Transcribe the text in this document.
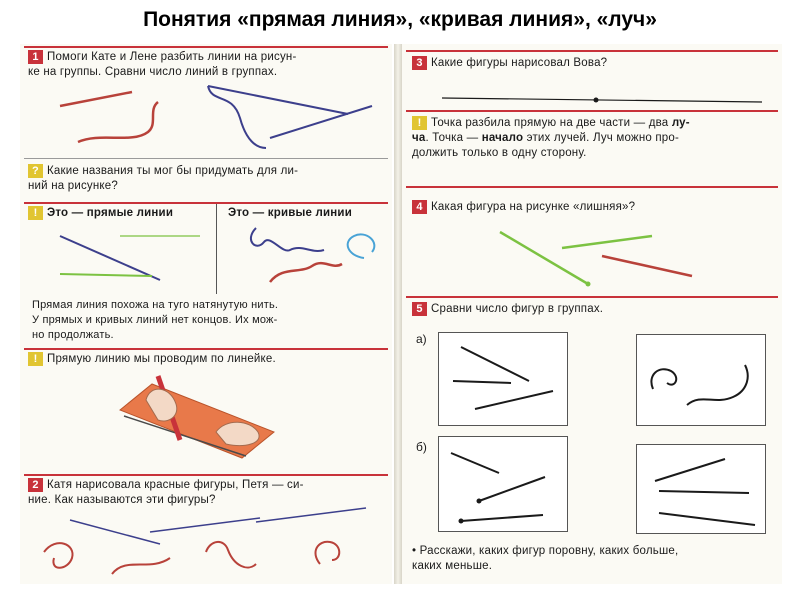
Понятия «прямая линия», «кривая линия», «луч»
1 Помоги Кате и Лене разбить линии на рисун-
ке на группы. Сравни число линий в группах.
? Какие названия ты мог бы придумать для ли-
ний на рисунке?
! Это — прямые линии	Это — кривые линии
Прямая линия похожа на туго натянутую нить.
У прямых и кривых линий нет концов. Их мож-
но продолжать.
! Прямую линию мы проводим по линейке.
2 Катя нарисовала красные фигуры, Петя — си-
ние. Как называются эти фигуры?
3 Какие фигуры нарисовал Вова?
! Точка разбила прямую на две части — два лу-
ча. Точка — начало этих лучей. Луч можно про-
должить только в одну сторону.
4 Какая фигура на рисунке «лишняя»?
5 Сравни число фигур в группах.
а)
б)
• Расскажи, каких фигур поровну, каких больше,
каких меньше.
